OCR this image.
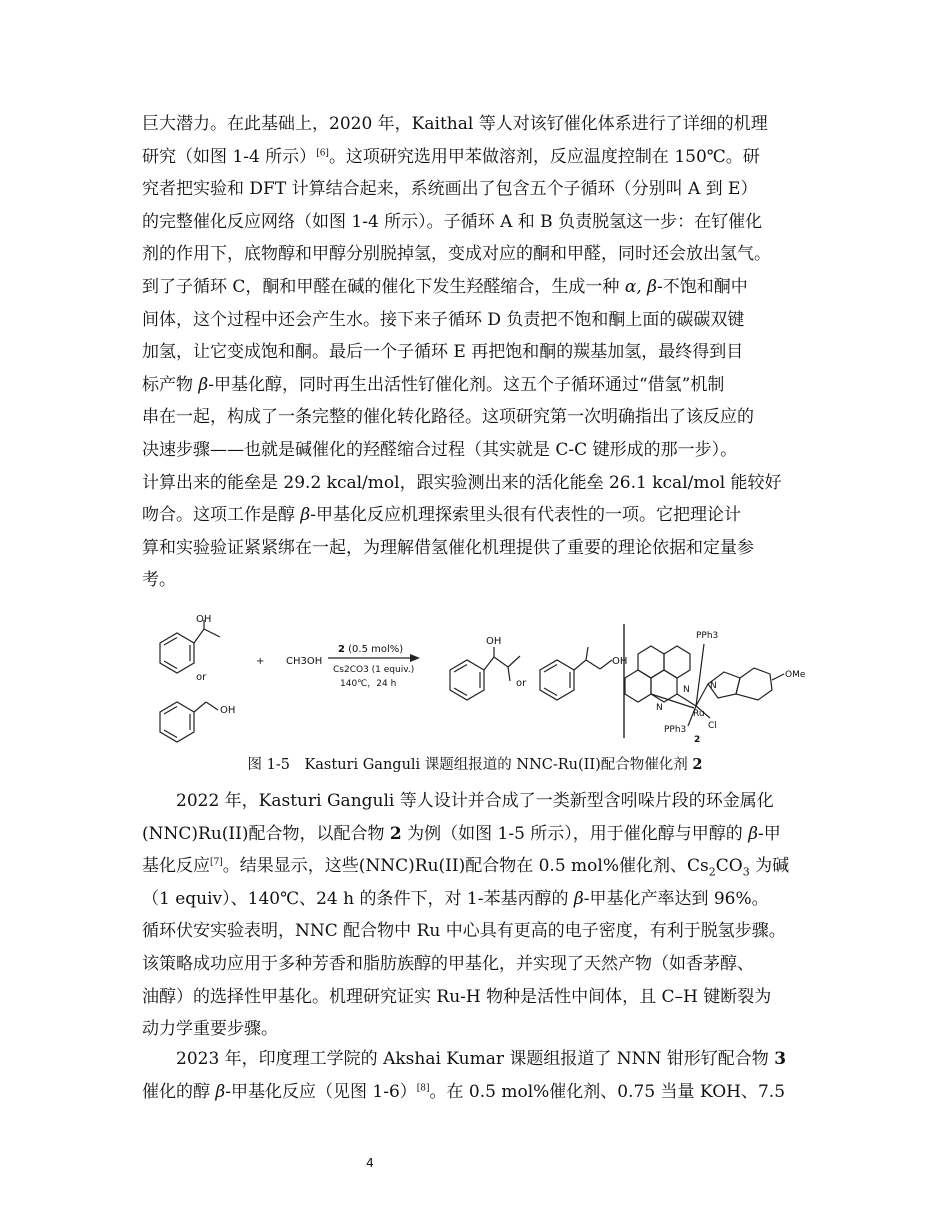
巨大潜力。在此基础上，2020 年，Kaithal 等人对该钌催化体系进行了详细的机理
研究（如图 1-4 所示）[6]。这项研究选用甲苯做溶剂，反应温度控制在 150℃。研
究者把实验和 DFT 计算结合起来，系统画出了包含五个子循环（分别叫 A 到 E）
的完整催化反应网络（如图 1-4 所示）。子循环 A 和 B 负责脱氢这一步：在钌催化
剂的作用下，底物醇和甲醇分别脱掉氢，变成对应的酮和甲醛，同时还会放出氢气。
到了子循环 C，酮和甲醛在碱的催化下发生羟醛缩合，生成一种 α, β-不饱和酮中
间体，这个过程中还会产生水。接下来子循环 D 负责把不饱和酮上面的碳碳双键
加氢，让它变成饱和酮。最后一个子循环 E 再把饱和酮的羰基加氢，最终得到目
标产物 β-甲基化醇，同时再生出活性钌催化剂。这五个子循环通过“借氢”机制
串在一起，构成了一条完整的催化转化路径。这项研究第一次明确指出了该反应的
决速步骤——也就是碱催化的羟醛缩合过程（其实就是 C-C 键形成的那一步）。
计算出来的能垒是 29.2 kcal/mol，跟实验测出来的活化能垒 26.1 kcal/mol 能较好
吻合。这项工作是醇 β-甲基化反应机理探索里头很有代表性的一项。它把理论计
算和实验验证紧紧绑在一起，为理解借氢催化机理提供了重要的理论依据和定量参
考。

OH
or
OH
+ CH3OH
2 (0.5 mol%)
Cs2CO3 (1 equiv.)
140℃，24 h
OH
or
OH
PPh3
N
N
N
OMe
Ru
PPh3 Cl
2
图 1-5　Kasturi Ganguli 课题组报道的 NNC-Ru(II)配合物催化剂 2

2022 年，Kasturi Ganguli 等人设计并合成了一类新型含吲哚片段的环金属化
(NNC)Ru(II)配合物，以配合物 2 为例（如图 1-5 所示），用于催化醇与甲醇的 β-甲
基化反应[7]。结果显示，这些(NNC)Ru(II)配合物在 0.5 mol%催化剂、$Cs_2CO_3$ 为碱
（1 equiv）、140℃、24 h 的条件下，对 1-苯基丙醇的 β-甲基化产率达到 96%。
循环伏安实验表明，NNC 配合物中 Ru 中心具有更高的电子密度，有利于脱氢步骤。
该策略成功应用于多种芳香和脂肪族醇的甲基化，并实现了天然产物（如香茅醇、
油醇）的选择性甲基化。机理研究证实 Ru-H 物种是活性中间体，且 C–H 键断裂为
动力学重要步骤。

2023 年，印度理工学院的 Akshai Kumar 课题组报道了 NNN 钳形钌配合物 3
催化的醇 β-甲基化反应（见图 1-6）[8]。在 0.5 mol%催化剂、0.75 当量 KOH、7.5

4
